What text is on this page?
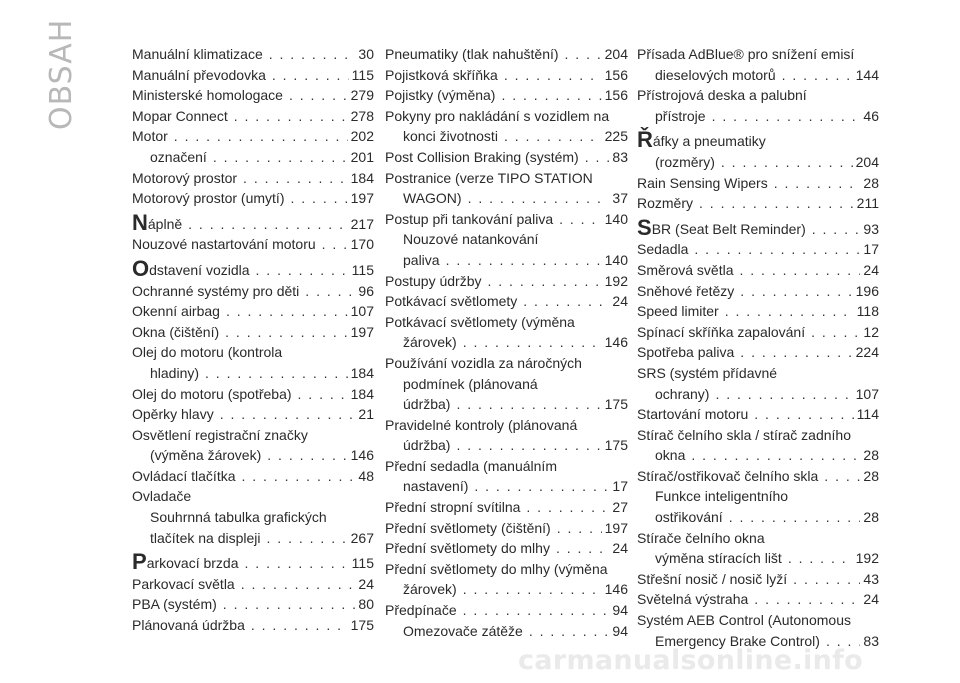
OBSAH	Manuální klimatizace . . .	30
Manuální převodovka . . .	115
Ministerské homologace . . .	279
Mopar Connect . . .	278
Motor . . .	202
označení . . .	201
Motorový prostor . . .	184
Motorový prostor (umytí) . . .	197
Náplně . . .	217
Nouzové nastartování motoru . . . 170
Odstavení vozidla . . .	115
Ochranné systémy pro děti . . .	96
Okenní airbag . . .	107
Okna (čištění) . . .	197
Olej do motoru (kontrola
hladiny) . . .	184
Olej do motoru (spotřeba) . . .	184
Opěrky hlavy . . .	21
Osvětlení registrační značky
(výměna žárovek) . . .	146
Ovládací tlačítka . . .	48
Ovladače
Souhrnná tabulka grafických
tlačítek na displeji . . .	267
Parkovací brzda . . .	115
Parkovací světla . . .	24
PBA (systém) . . .	80
Plánovaná údržba . . .	175
Pneumatiky (tlak nahuštění) . . .	204
Pojistková skříňka . . .	156
Pojistky (výměna) . . .	156
Pokyny pro nakládání s vozidlem na
konci životnosti . . .	225
Post Collision Braking (systém) . . . 83
Postranice (verze TIPO STATION
WAGON) . . .	37
Postup při tankování paliva . . .	140
Nouzové natankování
paliva . . .	140
Postupy údržby . . .	192
Potkávací světlomety . . .	24
Potkávací světlomety (výměna
žárovek) . . .	146
Používání vozidla za náročných
podmínek (plánovaná
údržba) . . .	175
Pravidelné kontroly (plánovaná
údržba) . . .	175
Přední sedadla (manuálním
nastavení) . . .	17
Přední stropní svítilna . . .	27
Přední světlomety (čištění) . . .	197
Přední světlomety do mlhy . . .	24
Přední světlomety do mlhy (výměna
žárovek) . . .	146
Předpínače . . .	94
Omezovače zátěže . . .	94
Přísada AdBlue® pro snížení emisí
dieselových motorů . . .	144
Přístrojová deska a palubní
přístroje . . .	46
Řáfky a pneumatiky
(rozměry) . . .	204
Rain Sensing Wipers . . .	28
Rozměry . . .	211
SBR (Seat Belt Reminder) . . .	93
Sedadla . . .	17
Směrová světla . . .	24
Sněhové řetězy . . .	196
Speed limiter . . .	118
Spínací skříňka zapalování . . .	12
Spotřeba paliva . . .	224
SRS (systém přídavné
ochrany) . . .	107
Startování motoru . . .	114
Stírač čelního skla / stírač zadního
okna . . .	28
Stírač/ostřikovač čelního skla . . .	28
Funkce inteligentního
ostřikování . . .	28
Stírače čelního okna
výměna stíracích lišt . . .	192
Střešní nosič / nosič lyží . . .	43
Světelná výstraha . . .	24
Systém AEB Control (Autonomous
Emergency Brake Control) . . .	83
carmanualsonline.info
